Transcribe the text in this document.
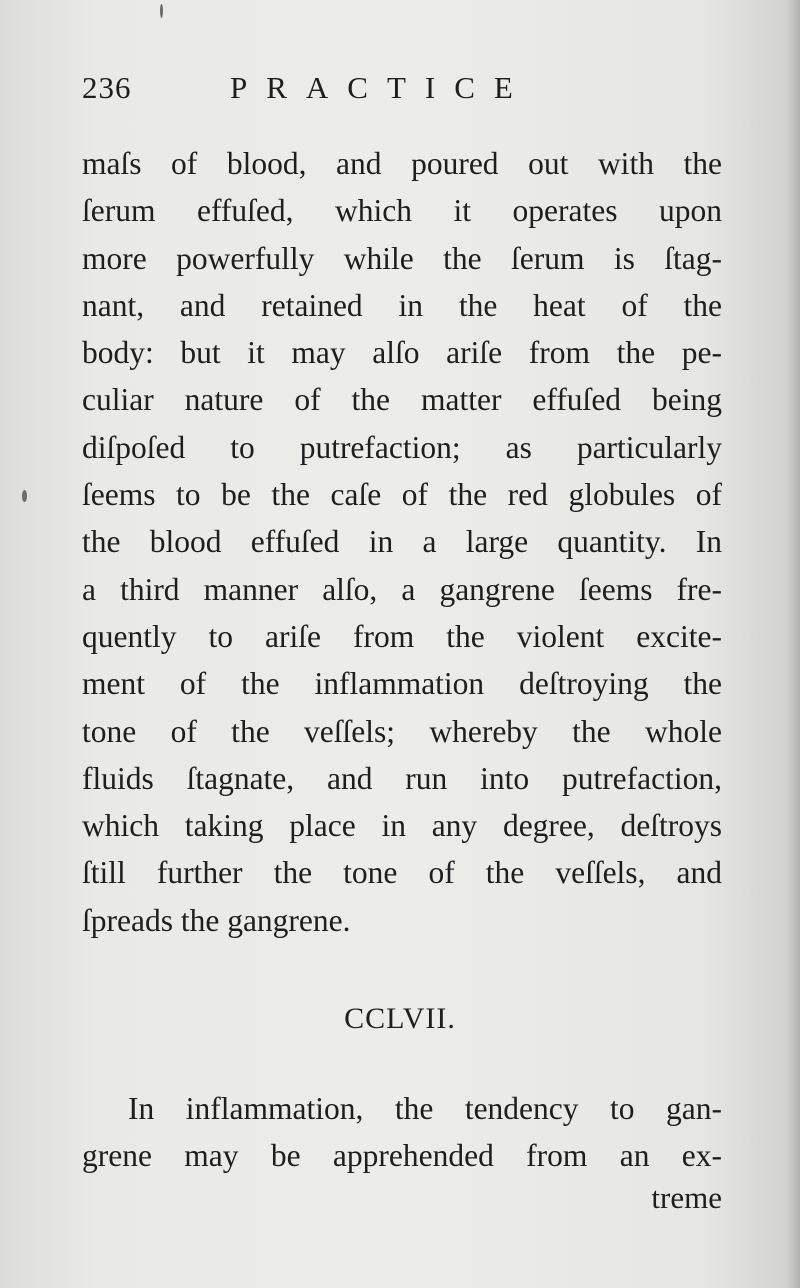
236	PRACTICE
maſs of blood, and poured out with the
ſerum effuſed, which it operates upon
more powerfully while the ſerum is ſtag-
nant, and retained in the heat of the
body: but it may alſo ariſe from the pe-
culiar nature of the matter effuſed being
diſpoſed to putrefaction; as particularly
ſeems to be the caſe of the red globules of
the blood effuſed in a large quantity. In
a third manner alſo, a gangrene ſeems fre-
quently to ariſe from the violent excite-
ment of the inflammation deſtroying the
tone of the veſſels; whereby the whole
fluids ſtagnate, and run into putrefaction,
which taking place in any degree, deſtroys
ſtill further the tone of the veſſels, and
ſpreads the gangrene.
CCLVII.
In inflammation, the tendency to gan-
grene may be apprehended from an ex-
treme
